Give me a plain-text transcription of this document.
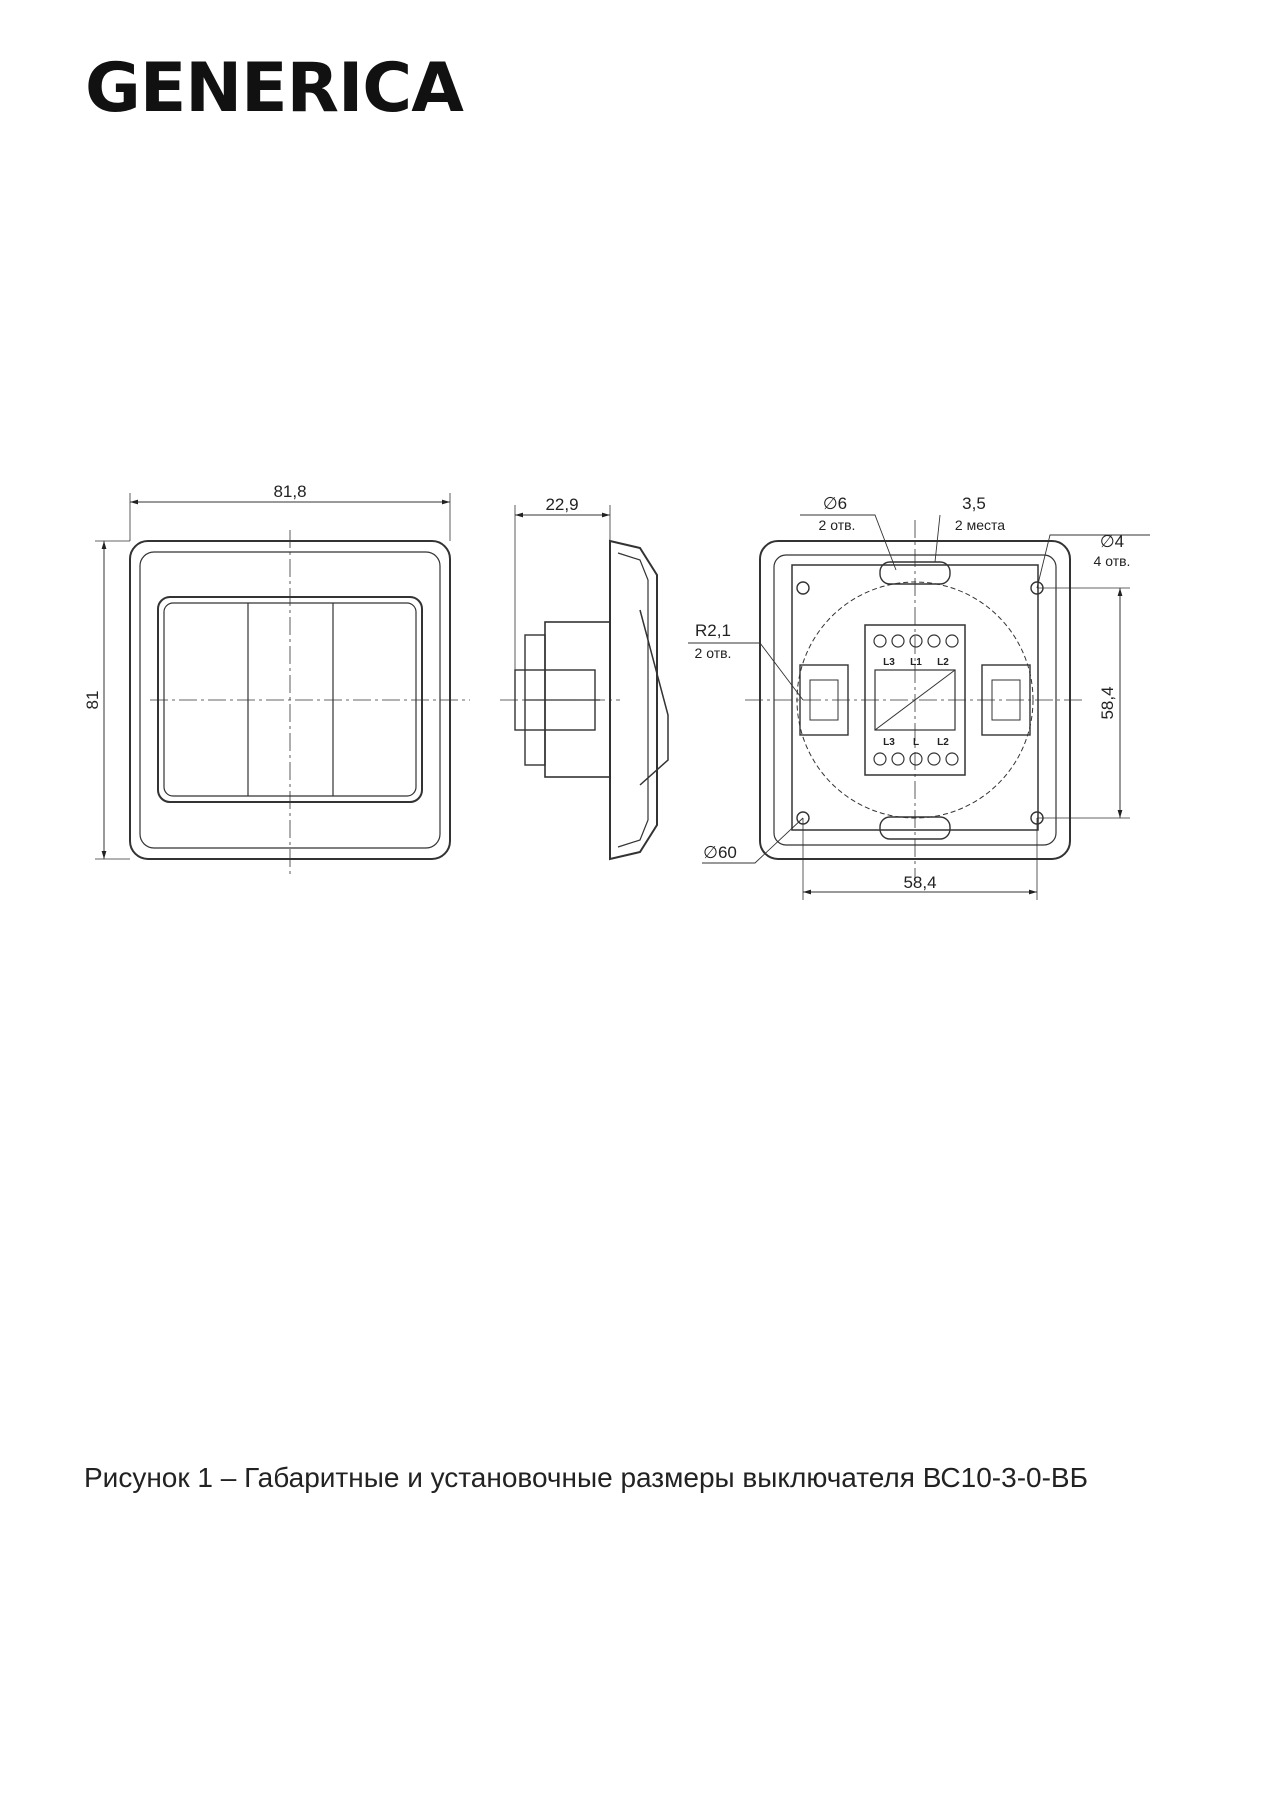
GENERICA
81,8
81
22,9	∅6
2 отв.
3,5
2 места
∅4
4 отв.
R2,1
2 отв.
∅60
58,4
58,4
L3 L1 L2
L3 L L2
Рисунок 1 – Габаритные и установочные размеры выключателя ВС10-3-0-ВБ
